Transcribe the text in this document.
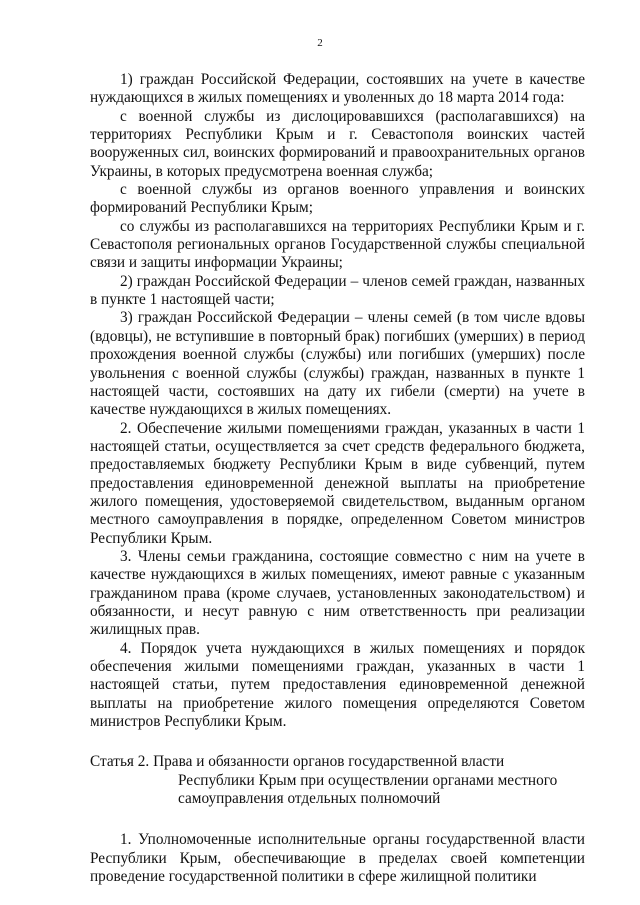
2

1) граждан Российской Федерации, состоявших на учете в качестве нуждающихся в жилых помещениях и уволенных до 18 марта 2014 года:

с военной службы из дислоцировавшихся (располагавшихся) на территориях Республики Крым и г. Севастополя воинских частей вооруженных сил, воинских формирований и правоохранительных органов Украины, в которых предусмотрена военная служба;

с военной службы из органов военного управления и воинских формирований Республики Крым;

со службы из располагавшихся на территориях Республики Крым и г. Севастополя региональных органов Государственной службы специальной связи и защиты информации Украины;

2) граждан Российской Федерации – членов семей граждан, названных в пункте 1 настоящей части;

3) граждан Российской Федерации – члены семей (в том числе вдовы (вдовцы), не вступившие в повторный брак) погибших (умерших) в период прохождения военной службы (службы) или погибших (умерших) после увольнения с военной службы (службы) граждан, названных в пункте 1 настоящей части, состоявших на дату их гибели (смерти) на учете в качестве нуждающихся в жилых помещениях.

2. Обеспечение жилыми помещениями граждан, указанных в части 1 настоящей статьи, осуществляется за счет средств федерального бюджета, предоставляемых бюджету Республики Крым в виде субвенций, путем предоставления единовременной денежной выплаты на приобретение жилого помещения, удостоверяемой свидетельством, выданным органом местного самоуправления в порядке, определенном Советом министров Республики Крым.

3. Члены семьи гражданина, состоящие совместно с ним на учете в качестве нуждающихся в жилых помещениях, имеют равные с указанным гражданином права (кроме случаев, установленных законодательством) и обязанности, и несут равную с ним ответственность при реализации жилищных прав.

4. Порядок учета нуждающихся в жилых помещениях и порядок обеспечения жилыми помещениями граждан, указанных в части 1 настоящей статьи, путем предоставления единовременной денежной выплаты на приобретение жилого помещения определяются Советом министров Республики Крым.

Статья 2. Права и обязанности органов государственной власти
Республики Крым при осуществлении органами местного
самоуправления отдельных полномочий

1. Уполномоченные исполнительные органы государственной власти Республики Крым, обеспечивающие в пределах своей компетенции проведение государственной политики в сфере жилищной политики
